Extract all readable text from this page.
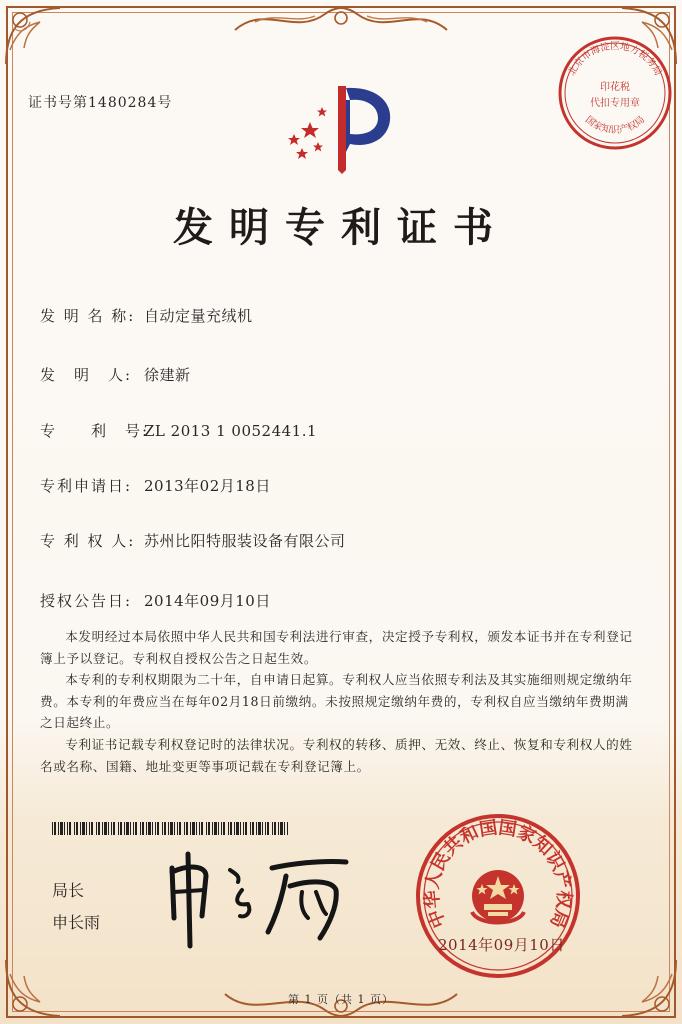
证书号第1480284号
北京市海淀区地方税务局
印花税
代扣专用章
国家知识产权局
发明专利证书
发 明 名 称: 自动定量充绒机
发　明　人: 徐建新
专　　利　号:ZL 2013 1 0052441.1
专利申请日: 2013年02月18日
专 利 权 人: 苏州比阳特服装设备有限公司
授权公告日: 2014年09月10日

本发明经过本局依照中华人民共和国专利法进行审查，决定授予专利权，颁发本证书并在专利登记簿上予以登记。专利权自授权公告之日起生效。

本专利的专利权期限为二十年，自申请日起算。专利权人应当依照专利法及其实施细则规定缴纳年费。本专利的年费应当在每年02月18日前缴纳。未按照规定缴纳年费的，专利权自应当缴纳年费期满之日起终止。

专利证书记载专利权登记时的法律状况。专利权的转移、质押、无效、终止、恢复和专利权人的姓名或名称、国籍、地址变更等事项记载在专利登记簿上。

局长
申长雨	中华人民共和国国家知识产权局
2014年09月10日
第 1 页（共 1 页）
